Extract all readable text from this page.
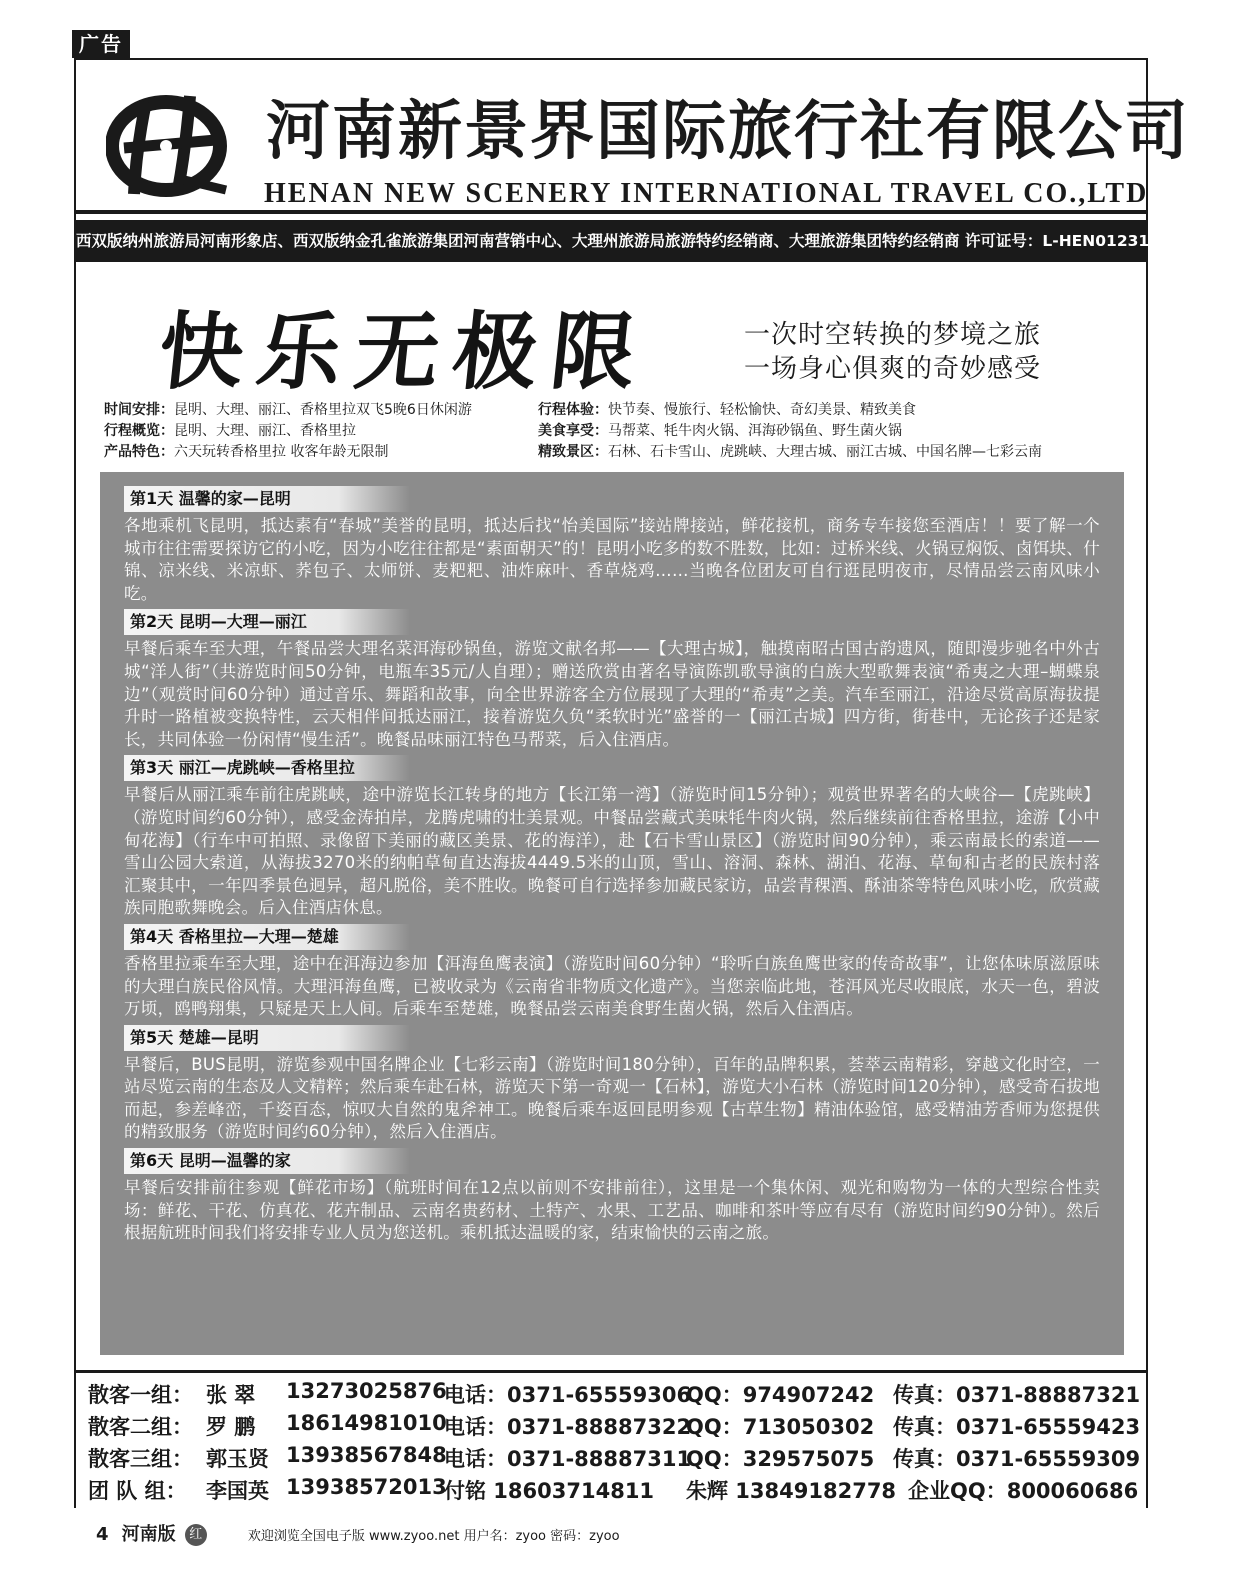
广告
河南新景界国际旅行社有限公司
HENAN NEW SCENERY INTERNATIONAL TRAVEL CO.,LTD
西双版纳州旅游局河南形象店、西双版纳金孔雀旅游集团河南营销中心、大理州旅游局旅游特约经销商、大理旅游集团特约经销商 许可证号：L-HEN01231
快乐无极限	一次时空转换的梦境之旅
一场身心俱爽的奇妙感受
时间安排：昆明、大理、丽江、香格里拉双飞5晚6日休闲游
行程概览：昆明、大理、丽江、香格里拉
产品特色：六天玩转香格里拉 收客年龄无限制
行程体验：快节奏、慢旅行、轻松愉快、奇幻美景、精致美食
美食享受：马帮菜、牦牛肉火锅、洱海砂锅鱼、野生菌火锅
精致景区：石林、石卡雪山、虎跳峡、大理古城、丽江古城、中国名牌—七彩云南
第1天 温馨的家—昆明
各地乘机飞昆明，抵达素有“春城”美誉的昆明，抵达后找“怡美国际”接站牌接站，鲜花接机，商务专车接您至酒店！！要了解一个城市往往需要探访它的小吃，因为小吃往往都是“素面朝天”的！昆明小吃多的数不胜数，比如：过桥米线、火锅豆焖饭、卤饵块、什锦、凉米线、米凉虾、荞包子、太师饼、麦粑粑、油炸麻叶、香草烧鸡……当晚各位团友可自行逛昆明夜市，尽情品尝云南风味小吃。
第2天 昆明—大理—丽江
早餐后乘车至大理，午餐品尝大理名菜洱海砂锅鱼，游览文献名邦——【大理古城】，触摸南昭古国古韵遗风，随即漫步驰名中外古城“洋人街”（共游览时间50分钟，电瓶车35元/人自理）；赠送欣赏由著名导演陈凯歌导演的白族大型歌舞表演“希夷之大理–蝴蝶泉边”（观赏时间60分钟）通过音乐、舞蹈和故事，向全世界游客全方位展现了大理的“希夷”之美。汽车至丽江，沿途尽赏高原海拔提升时一路植被变换特性，云天相伴间抵达丽江，接着游览久负“柔软时光”盛誉的一【丽江古城】四方街，街巷中，无论孩子还是家长，共同体验一份闲情“慢生活”。晚餐品味丽江特色马帮菜，后入住酒店。
第3天 丽江—虎跳峡—香格里拉
早餐后从丽江乘车前往虎跳峡，途中游览长江转身的地方【长江第一湾】（游览时间15分钟）；观赏世界著名的大峡谷—【虎跳峡】（游览时间约60分钟），感受金涛拍岸，龙腾虎啸的壮美景观。中餐品尝藏式美味牦牛肉火锅，然后继续前往香格里拉，途游【小中甸花海】（行车中可拍照、录像留下美丽的藏区美景、花的海洋），赴【石卡雪山景区】（游览时间90分钟），乘云南最长的索道——雪山公园大索道，从海拔3270米的纳帕草甸直达海拔4449.5米的山顶，雪山、溶洞、森林、湖泊、花海、草甸和古老的民族村落汇聚其中，一年四季景色迥异，超凡脱俗，美不胜收。晚餐可自行选择参加藏民家访，品尝青稞酒、酥油茶等特色风味小吃，欣赏藏族同胞歌舞晚会。后入住酒店休息。
第4天 香格里拉—大理—楚雄
香格里拉乘车至大理，途中在洱海边参加【洱海鱼鹰表演】（游览时间60分钟）“聆听白族鱼鹰世家的传奇故事”，让您体味原滋原味的大理白族民俗风情。大理洱海鱼鹰，已被收录为《云南省非物质文化遗产》。当您亲临此地，苍洱风光尽收眼底，水天一色，碧波万顷，鸥鸭翔集，只疑是天上人间。后乘车至楚雄，晚餐品尝云南美食野生菌火锅，然后入住酒店。
第5天 楚雄—昆明
早餐后，BUS昆明，游览参观中国名牌企业【七彩云南】（游览时间180分钟），百年的品牌积累，荟萃云南精彩，穿越文化时空，一站尽览云南的生态及人文精粹；然后乘车赴石林，游览天下第一奇观一【石林】，游览大小石林（游览时间120分钟），感受奇石拔地而起，参差峰峦，千姿百态，惊叹大自然的鬼斧神工。晚餐后乘车返回昆明参观【古草生物】精油体验馆，感受精油芳香师为您提供的精致服务（游览时间约60分钟），然后入住酒店。
第6天 昆明—温馨的家
早餐后安排前往参观【鲜花市场】（航班时间在12点以前则不安排前往），这里是一个集休闲、观光和购物为一体的大型综合性卖场：鲜花、干花、仿真花、花卉制品、云南名贵药材、土特产、水果、工艺品、咖啡和茶叶等应有尽有（游览时间约90分钟）。然后根据航班时间我们将安排专业人员为您送机。乘机抵达温暖的家，结束愉快的云南之旅。
散客一组： 张 翠 13273025876
电话：0371-65559306
QQ：974907242 传真：0371-88887321
散客二组： 罗 鹏 18614981010
电话：0371-88887322
QQ：713050302 传真：0371-65559423
散客三组： 郭玉贤 13938567848
电话：0371-88887311
QQ：329575075 传真：0371-65559309
团 队 组： 李国英 13938572013
付铭 18603714811 朱辉 13849182778 企业QQ：800060686
4 河南版 红	欢迎浏览全国电子版 www.zyoo.net 用户名：zyoo 密码：zyoo
